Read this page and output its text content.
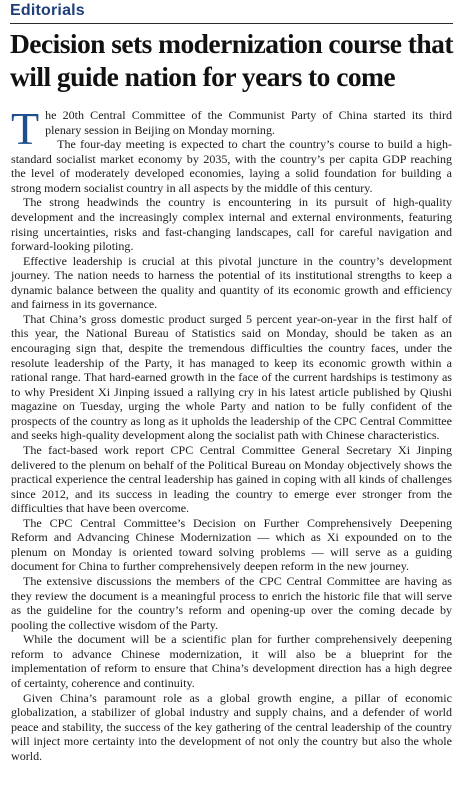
Editorials
Decision sets modernization course that will guide nation for years to come

The 20th Central Committee of the Communist Party of China started its third plenary session in Beijing on Monday morning.

The four-day meeting is expected to chart the country’s course to build a high-standard socialist market economy by 2035, with the country’s per capita GDP reaching the level of moderately developed economies, laying a solid foundation for building a strong modern socialist country in all aspects by the middle of this century.

The strong headwinds the country is encountering in its pursuit of high-quality development and the increasingly complex internal and external environments, featuring rising uncertainties, risks and fast-changing landscapes, call for careful navigation and forward-looking piloting.

Effective leadership is crucial at this pivotal juncture in the country’s development journey. The nation needs to harness the potential of its institutional strengths to keep a dynamic balance between the quality and quantity of its economic growth and efficiency and fairness in its governance.

That China’s gross domestic product surged 5 percent year-on-year in the first half of this year, the National Bureau of Statistics said on Monday, should be taken as an encouraging sign that, despite the tremendous difficulties the country faces, under the resolute leadership of the Party, it has managed to keep its economic growth within a rational range. That hard-earned growth in the face of the current hardships is testimony as to why President Xi Jinping issued a rallying cry in his latest article published by Qiushi magazine on Tuesday, urging the whole Party and nation to be fully confident of the prospects of the country as long as it upholds the leadership of the CPC Central Committee and seeks high-quality development along the socialist path with Chinese characteristics.

The fact-based work report CPC Central Committee General Secretary Xi Jinping delivered to the plenum on behalf of the Political Bureau on Monday objectively shows the practical experience the central leadership has gained in coping with all kinds of challenges since 2012, and its success in leading the country to emerge ever stronger from the difficulties that have been overcome.

The CPC Central Committee’s Decision on Further Comprehensively Deepening Reform and Advancing Chinese Modernization — which as Xi expounded on to the plenum on Monday is oriented toward solving problems — will serve as a guiding document for China to further comprehensively deepen reform in the new journey.

The extensive discussions the members of the CPC Central Committee are having as they review the document is a meaningful process to enrich the historic file that will serve as the guideline for the country’s reform and opening-up over the coming decade by pooling the collective wisdom of the Party.

While the document will be a scientific plan for further comprehensively deepening reform to advance Chinese modernization, it will also be a blueprint for the implementation of reform to ensure that China’s development direction has a high degree of certainty, coherence and continuity.

Given China’s paramount role as a global growth engine, a pillar of economic globalization, a stabilizer of global industry and supply chains, and a defender of world peace and stability, the success of the key gathering of the central leadership of the country will inject more certainty into the development of not only the country but also the whole world.
